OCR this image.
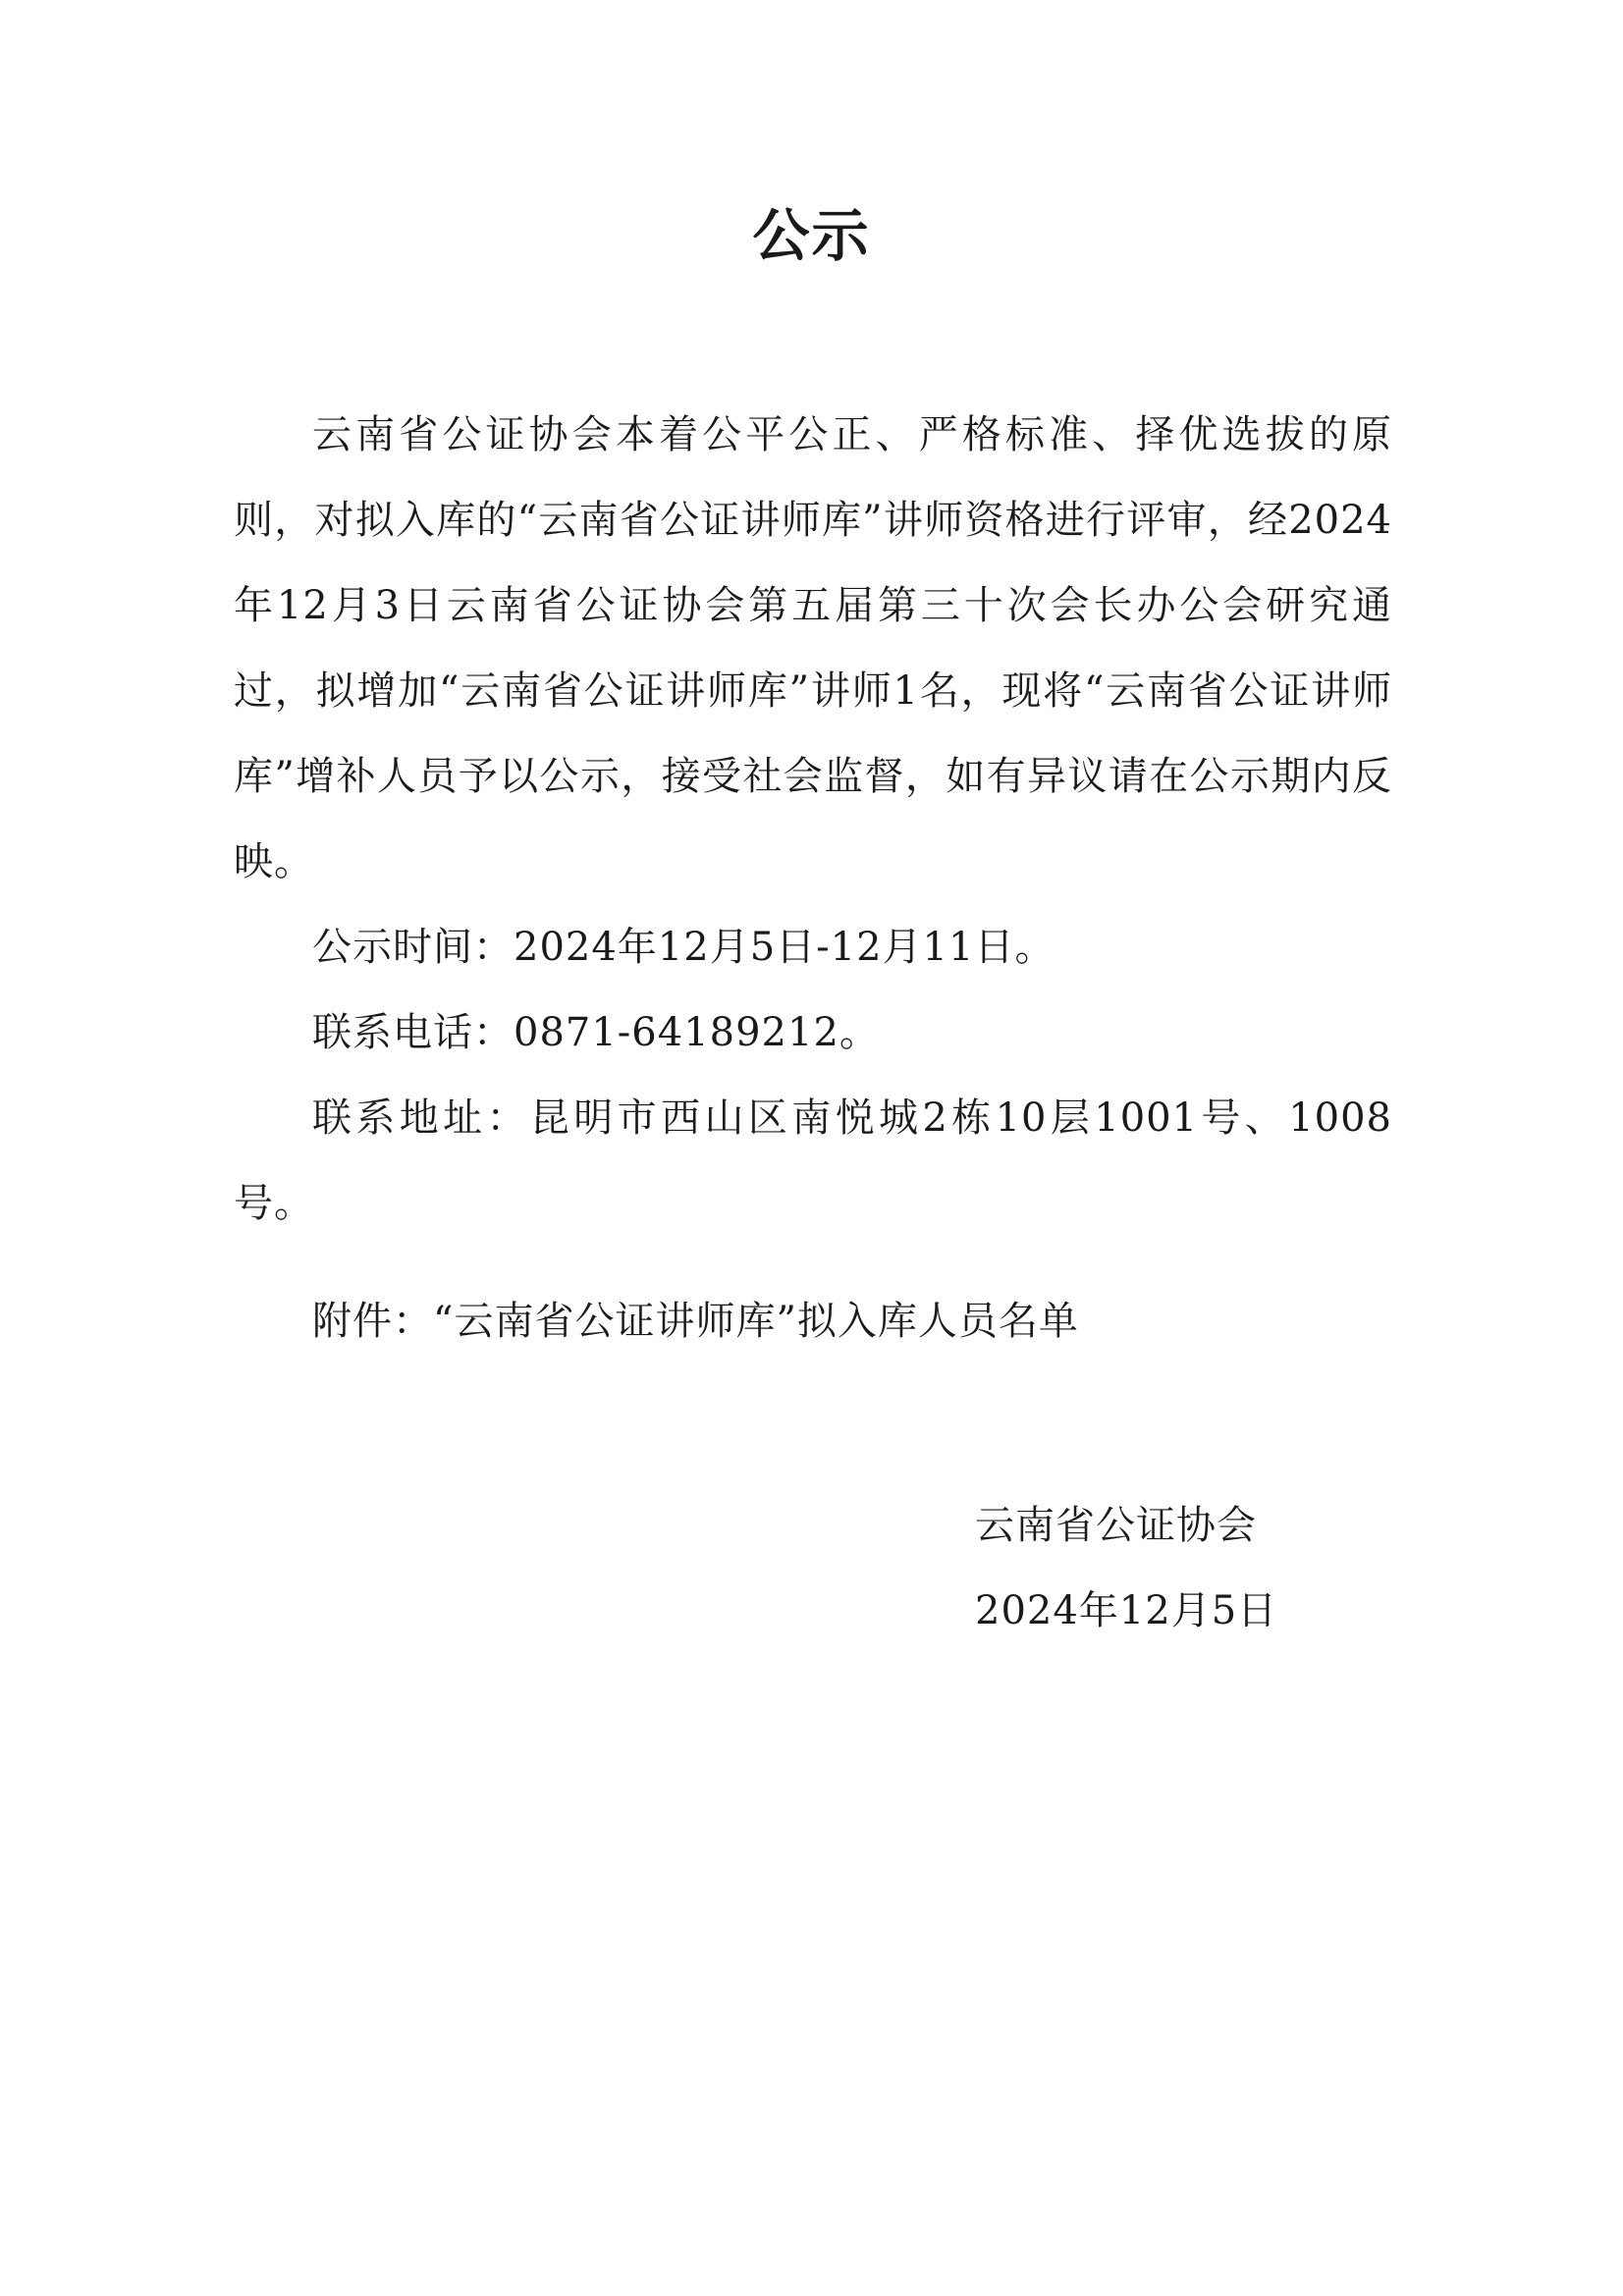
公示

云南省公证协会本着公平公正、严格标准、择优选拔的原则，对拟入库的“云南省公证讲师库”讲师资格进行评审，经2024年12月3日云南省公证协会第五届第三十次会长办公会研究通过，拟增加“云南省公证讲师库”讲师1名，现将“云南省公证讲师库”增补人员予以公示，接受社会监督，如有异议请在公示期内反映。

公示时间：2024年12月5日-12月11日。

联系电话：0871-64189212。

联系地址：昆明市西山区南悦城2栋10层1001号、1008号。

附件：“云南省公证讲师库”拟入库人员名单

云南省公证协会
2024年12月5日
